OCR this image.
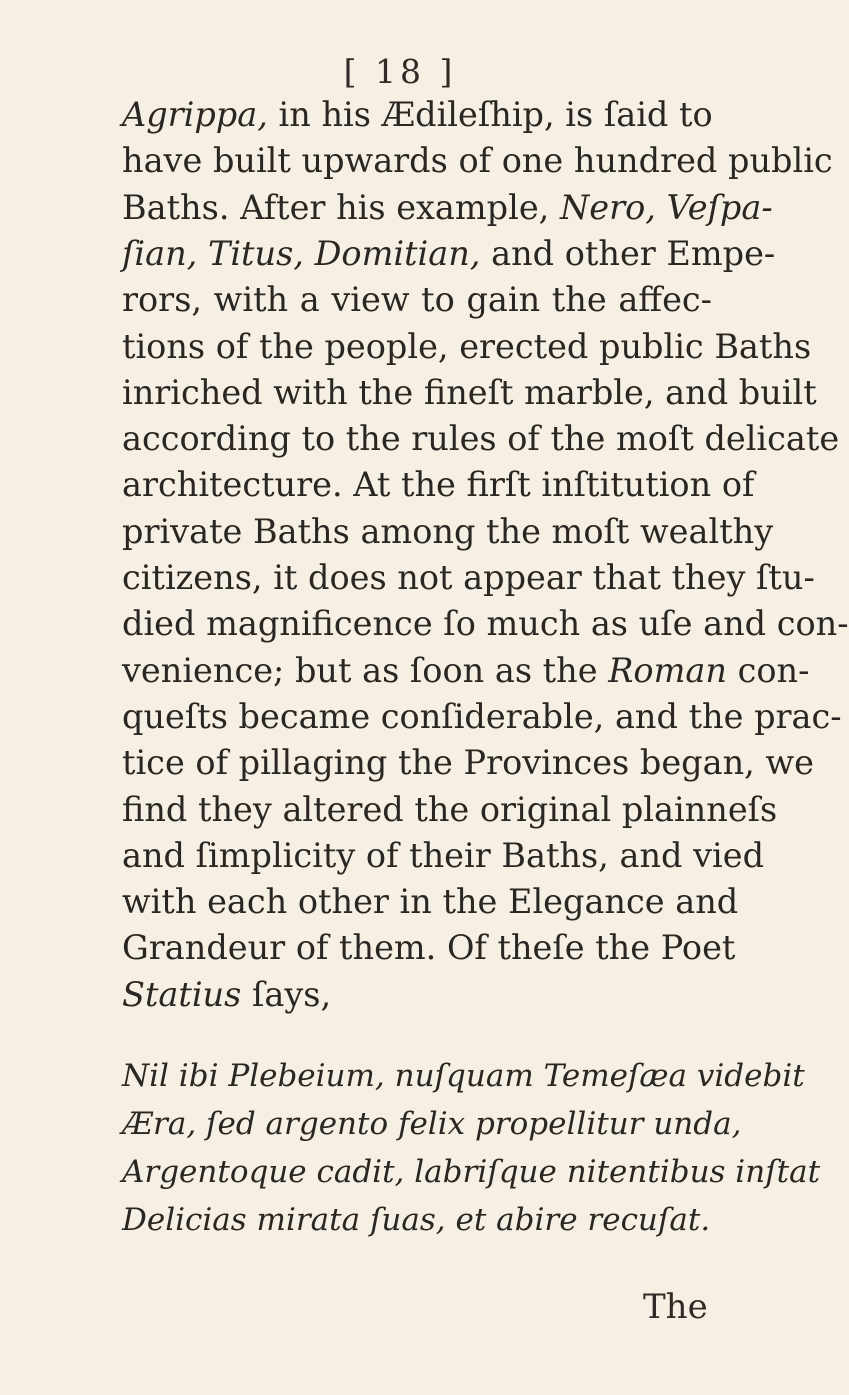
[ 18 ]
Agrippa, in his Ædileſhip, is ſaid to
have built upwards of one hundred public
Baths. After his example, Nero, Veſpa-
ſian, Titus, Domitian, and other Empe-
rors, with a view to gain the affec-
tions of the people, erected public Baths
inriched with the fineſt marble, and built
according to the rules of the moſt delicate
architecture. At the firſt inſtitution of
private Baths among the moſt wealthy
citizens, it does not appear that they ſtu-
died magnificence ſo much as uſe and con-
venience; but as ſoon as the Roman con-
queſts became conſiderable, and the prac-
tice of pillaging the Provinces began, we
find they altered the original plainneſs
and ſimplicity of their Baths, and vied
with each other in the Elegance and
Grandeur of them. Of theſe the Poet
Statius ſays,
Nil ibi Plebeium, nuſquam Temeſæa videbit
Æra, ſed argento felix propellitur unda,
Argentoque cadit, labriſque nitentibus inſtat
Delicias mirata ſuas, et abire recuſat.
The
